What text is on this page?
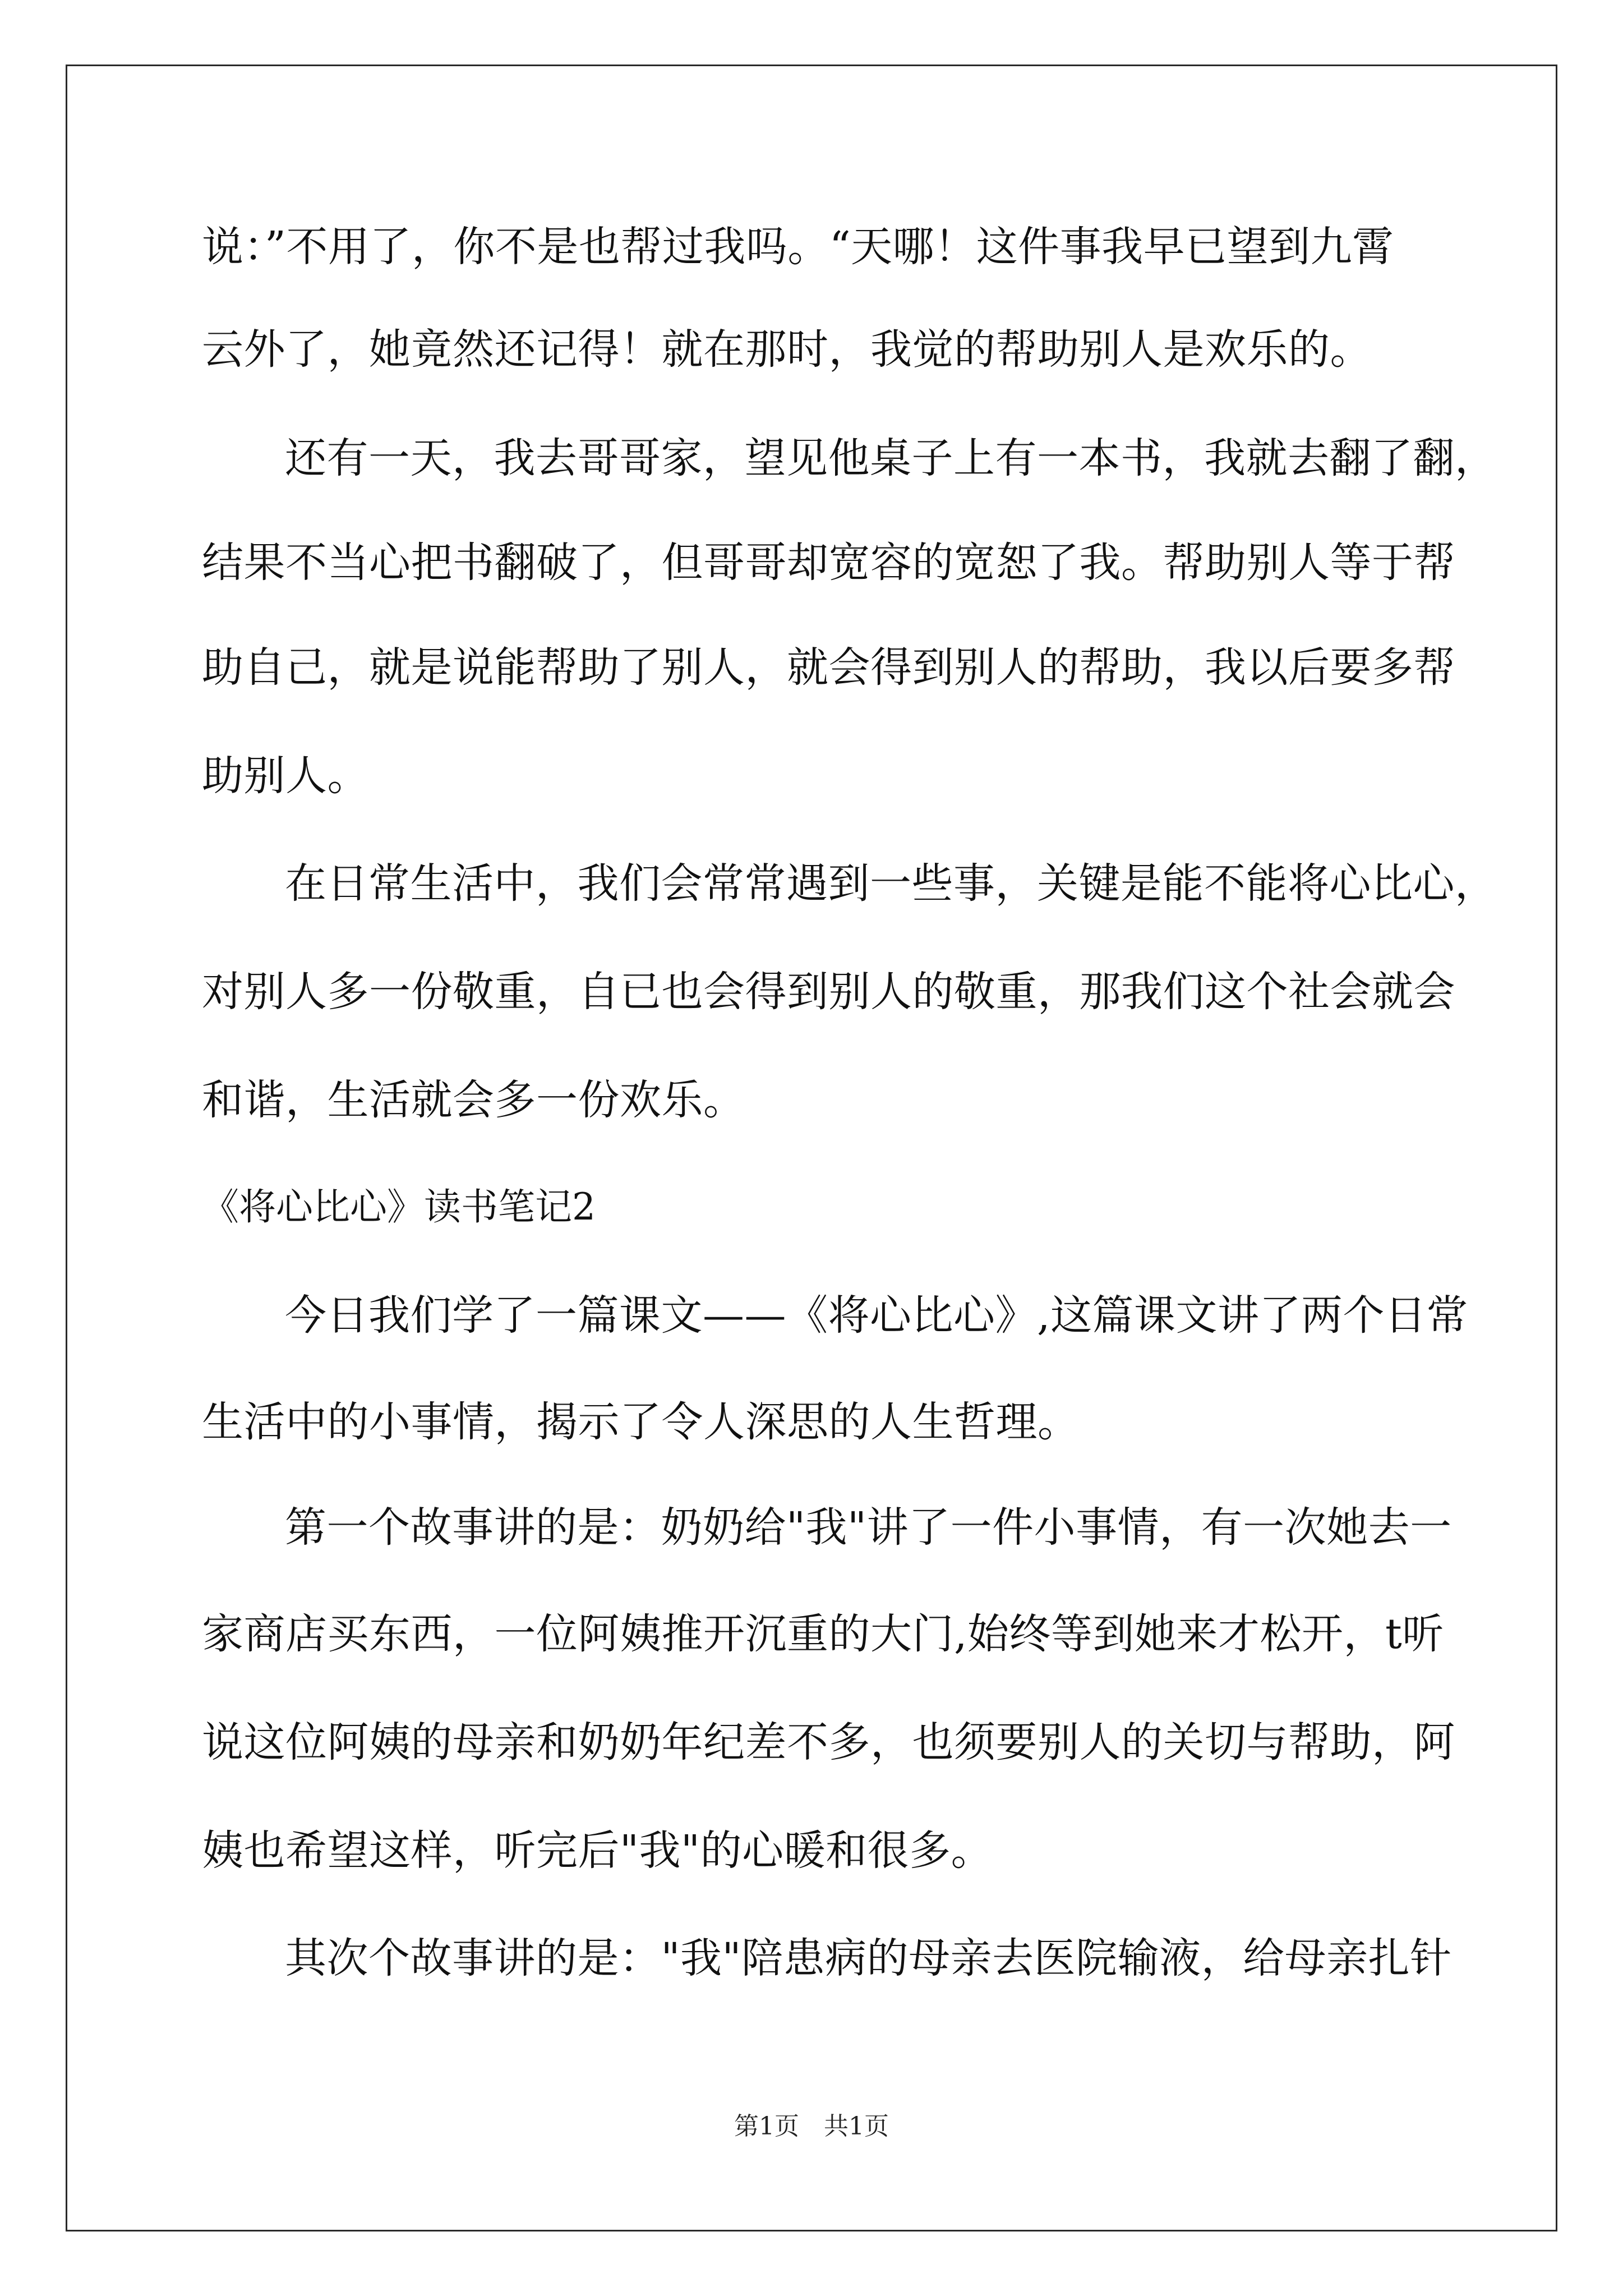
说：”不用了，你不是也帮过我吗。“天哪！这件事我早已望到九霄

云外了，她竟然还记得！就在那时，我觉的帮助别人是欢乐的。

还有一天，我去哥哥家，望见他桌子上有一本书，我就去翻了翻，

结果不当心把书翻破了，但哥哥却宽容的宽恕了我。帮助别人等于帮

助自己，就是说能帮助了别人，就会得到别人的帮助，我以后要多帮

助别人。

在日常生活中，我们会常常遇到一些事，关键是能不能将心比心，

对别人多一份敬重，自已也会得到别人的敬重，那我们这个社会就会

和谐，生活就会多一份欢乐。

《将心比心》读书笔记2

今日我们学了一篇课文——《将心比心》,这篇课文讲了两个日常

生活中的小事情，揭示了令人深思的人生哲理。

第一个故事讲的是：奶奶给"我"讲了一件小事情，有一次她去一

家商店买东西，一位阿姨推开沉重的大门,始终等到她来才松开，t听

说这位阿姨的母亲和奶奶年纪差不多，也须要别人的关切与帮助，阿

姨也希望这样，听完后"我"的心暖和很多。

其次个故事讲的是："我"陪患病的母亲去医院输液，给母亲扎针

第1页　共1页
